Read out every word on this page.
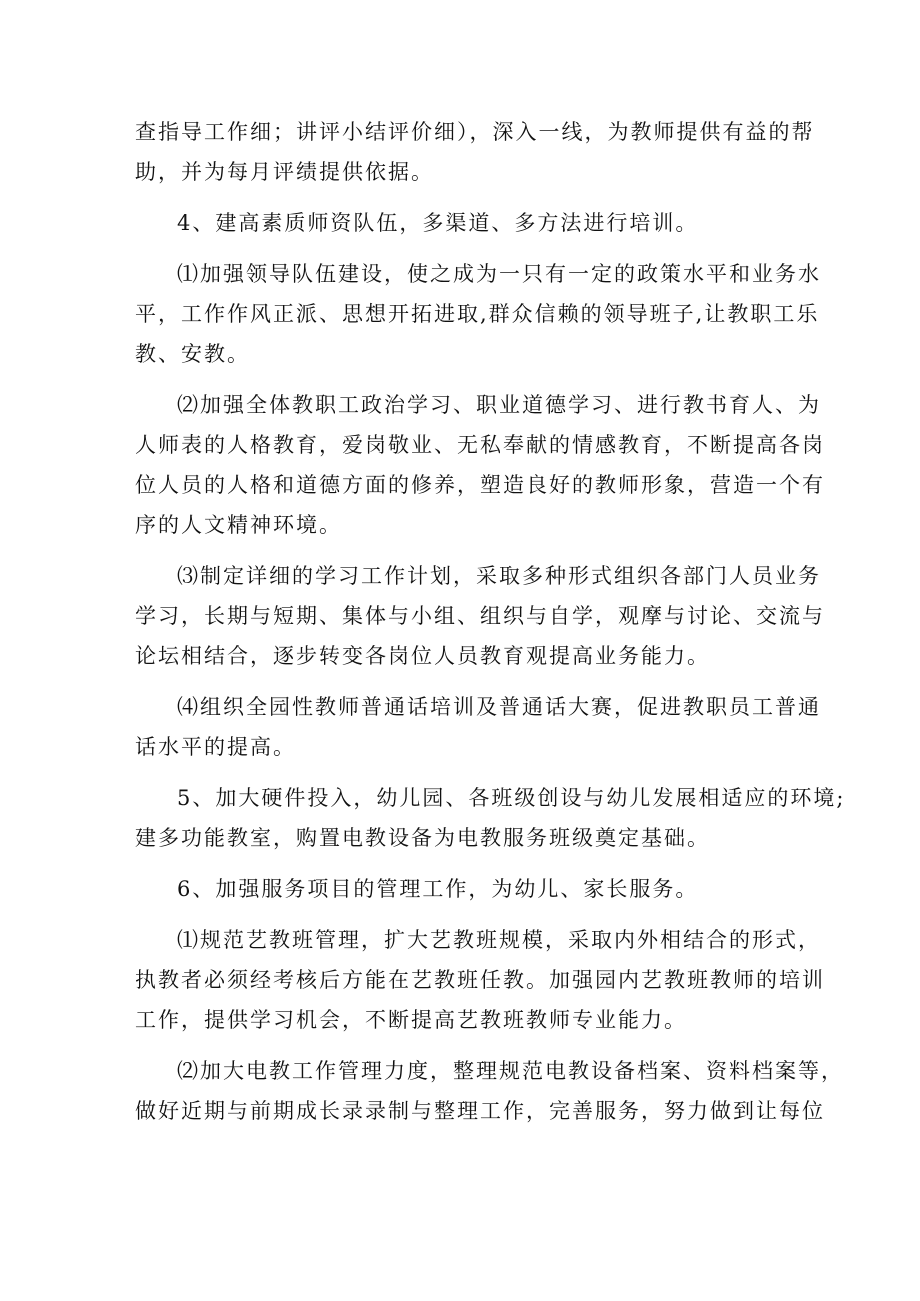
查指导工作细；讲评小结评价细），深入一线，为教师提供有益的帮
助，并为每月评绩提供依据。
4、建高素质师资队伍，多渠道、多方法进行培训。
⑴加强领导队伍建设，使之成为一只有一定的政策水平和业务水
平，工作作风正派、思想开拓进取,群众信赖的领导班子,让教职工乐
教、安教。
⑵加强全体教职工政治学习、职业道德学习、进行教书育人、为
人师表的人格教育，爱岗敬业、无私奉献的情感教育，不断提高各岗
位人员的人格和道德方面的修养，塑造良好的教师形象，营造一个有
序的人文精神环境。
⑶制定详细的学习工作计划，采取多种形式组织各部门人员业务
学习，长期与短期、集体与小组、组织与自学，观摩与讨论、交流与
论坛相结合，逐步转变各岗位人员教育观提高业务能力。
⑷组织全园性教师普通话培训及普通话大赛，促进教职员工普通
话水平的提高。
5、加大硬件投入，幼儿园、各班级创设与幼儿发展相适应的环境;
建多功能教室，购置电教设备为电教服务班级奠定基础。
6、加强服务项目的管理工作，为幼儿、家长服务。
⑴规范艺教班管理，扩大艺教班规模，采取内外相结合的形式，
执教者必须经考核后方能在艺教班任教。加强园内艺教班教师的培训
工作，提供学习机会，不断提高艺教班教师专业能力。
⑵加大电教工作管理力度，整理规范电教设备档案、资料档案等，
做好近期与前期成长录录制与整理工作，完善服务，努力做到让每位
